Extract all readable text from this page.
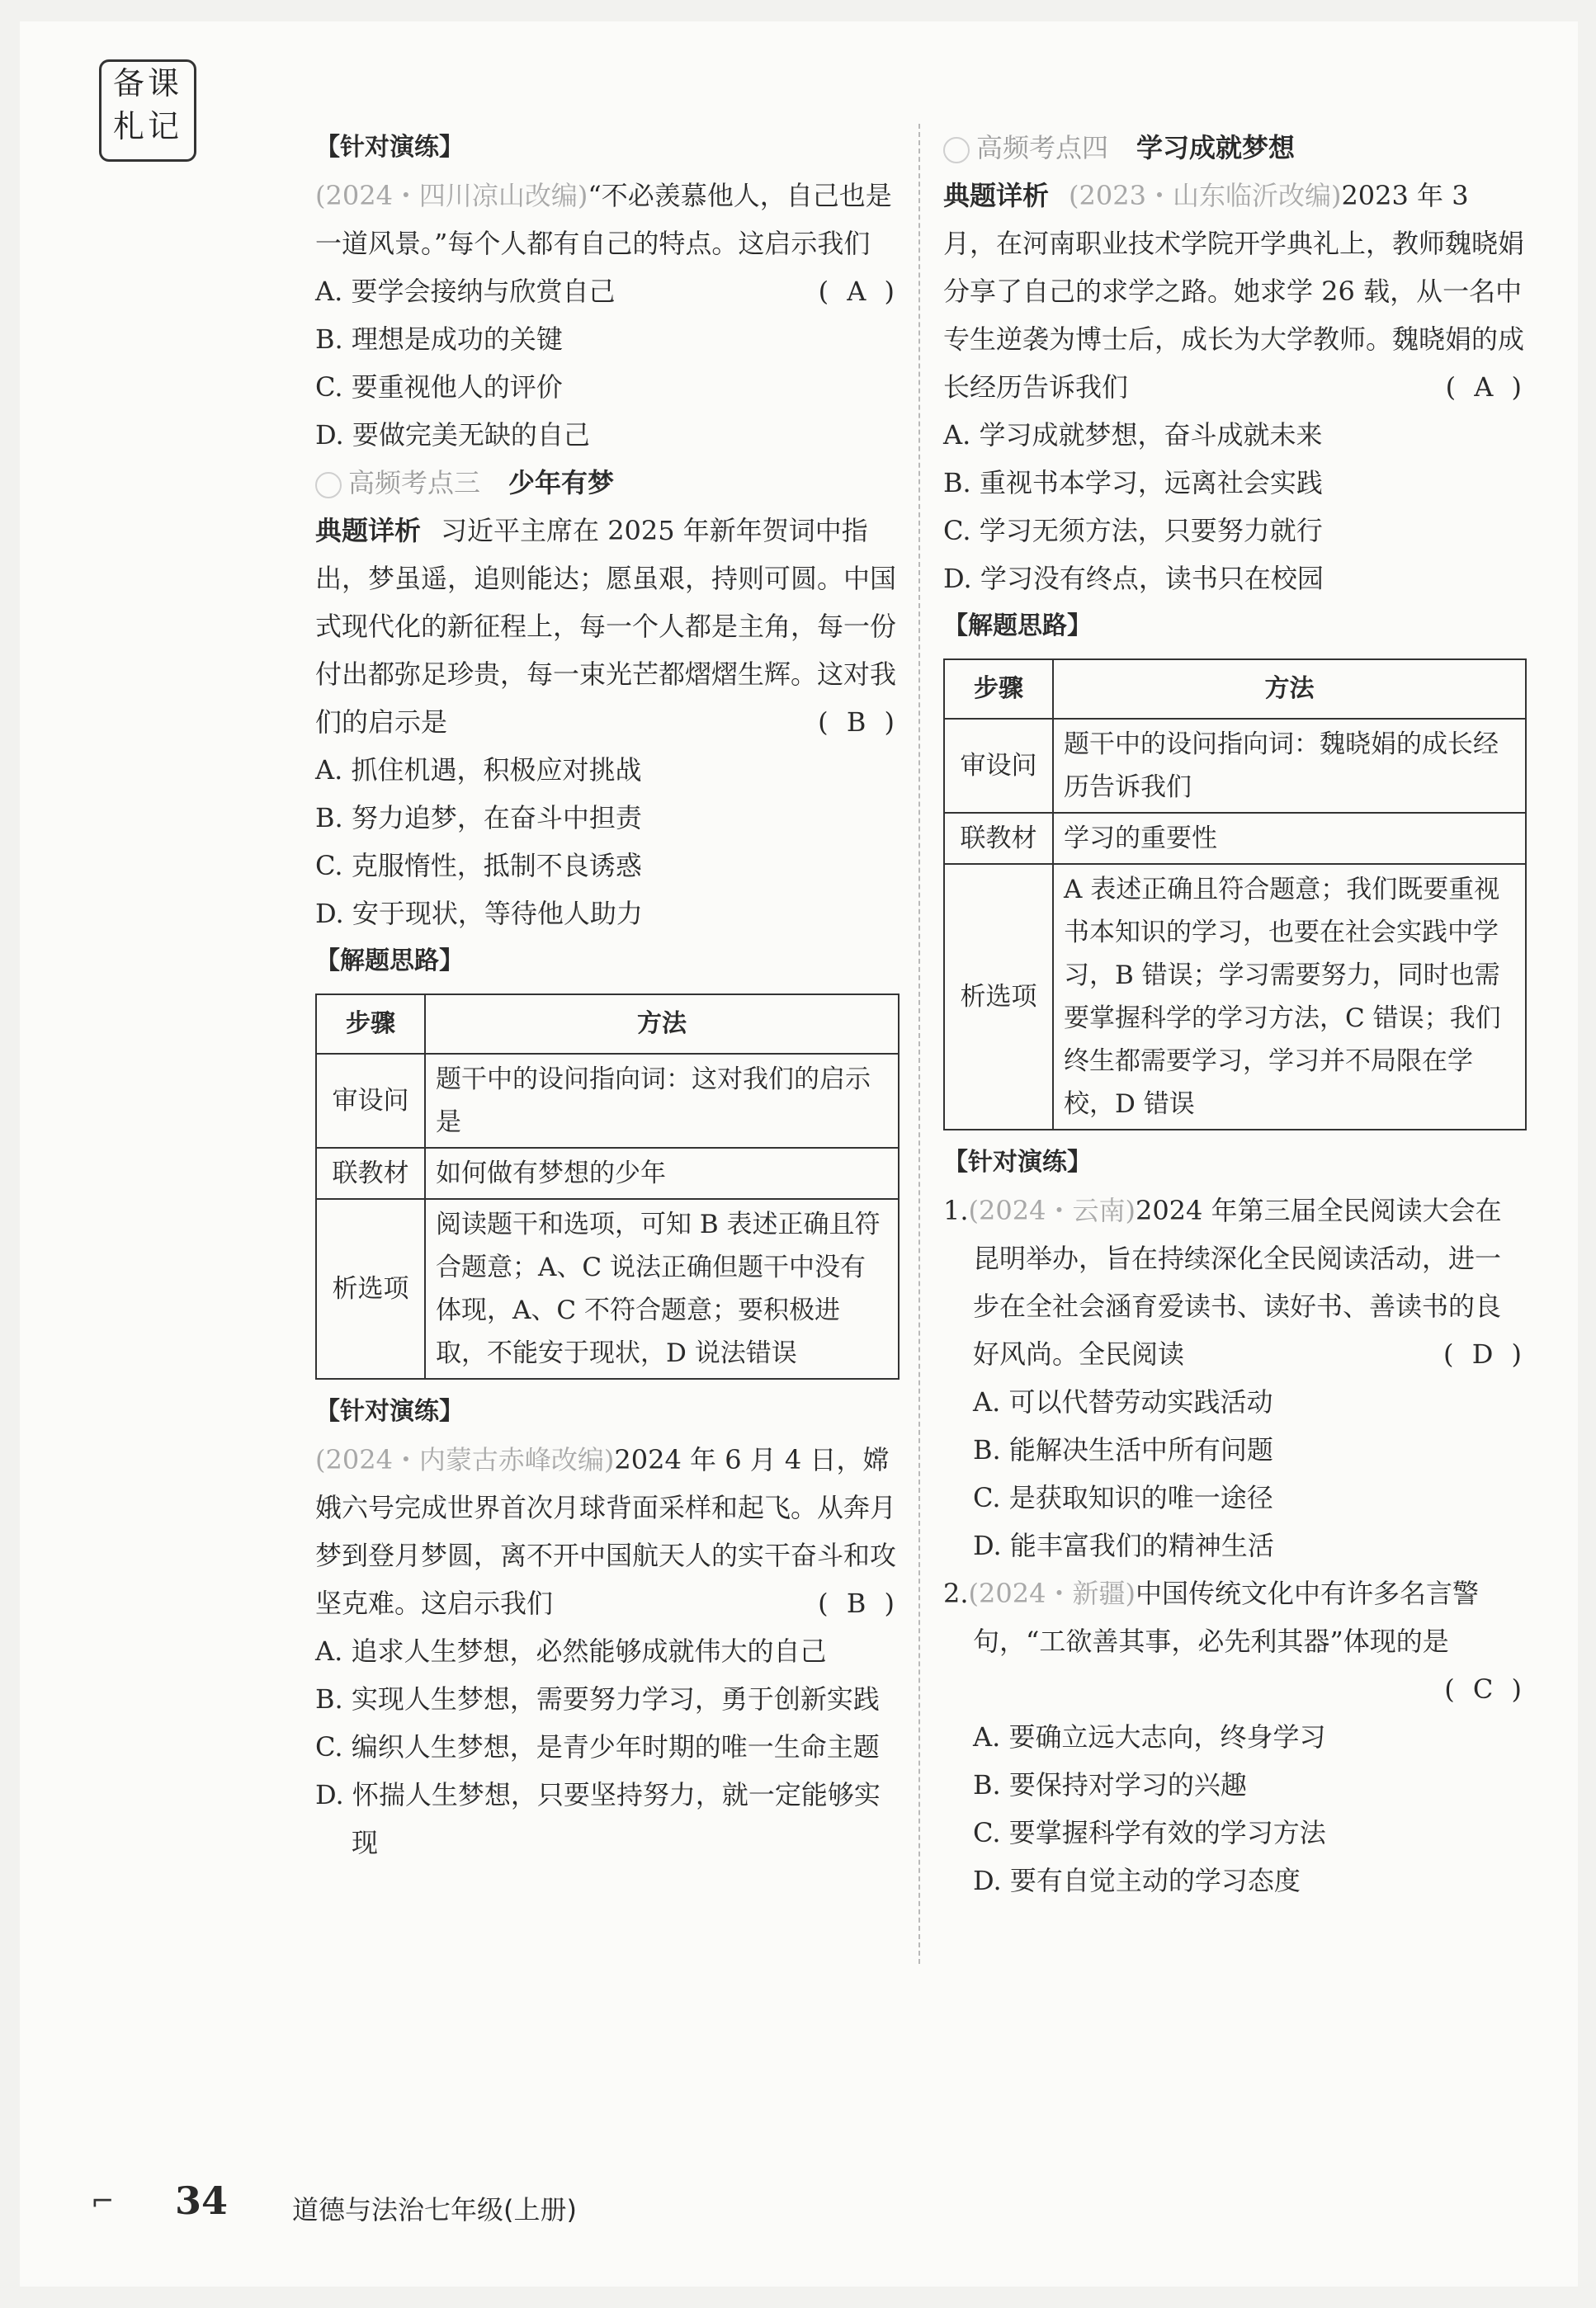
备课札记

【针对演练】

(2024・四川凉山改编)“不必羡慕他人，自己也是一道风景。”每个人都有自己的特点。这启示我们
( A )

A. 要学会接纳与欣赏自己

B. 理想是成功的关键

C. 要重视他人的评价

D. 要做完美无缺的自己

高频考点三 少年有梦

典题详析 习近平主席在 2025 年新年贺词中指出，梦虽遥，追则能达；愿虽艰，持则可圆。中国式现代化的新征程上，每一个人都是主角，每一份付出都弥足珍贵，每一束光芒都熠熠生辉。这对我们的启示是	( B )

A. 抓住机遇，积极应对挑战

B. 努力追梦，在奋斗中担责

C. 克服惰性，抵制不良诱惑

D. 安于现状，等待他人助力

【解题思路】

步骤	方法
审设问	题干中的设问指向词：这对我们的启示是
联教材	如何做有梦想的少年
析选项	阅读题干和选项，可知 B 表述正确且符合题意；A、C 说法正确但题干中没有体现，A、C 不符合题意；要积极进取，不能安于现状，D 说法错误

【针对演练】

(2024・内蒙古赤峰改编)2024 年 6 月 4 日，嫦娥六号完成世界首次月球背面采样和起飞。从奔月梦到登月梦圆，离不开中国航天人的实干奋斗和攻坚克难。这启示我们	( B )

A. 追求人生梦想，必然能够成就伟大的自己

B. 实现人生梦想，需要努力学习，勇于创新实践

C. 编织人生梦想，是青少年时期的唯一生命主题

D. 怀揣人生梦想，只要坚持努力，就一定能够实现

高频考点四 学习成就梦想

典题详析 (2023・山东临沂改编)2023 年 3 月，在河南职业技术学院开学典礼上，教师魏晓娟分享了自己的求学之路。她求学 26 载，从一名中专生逆袭为博士后，成长为大学教师。魏晓娟的成长经历告诉我们	( A )

A. 学习成就梦想，奋斗成就未来

B. 重视书本学习，远离社会实践

C. 学习无须方法，只要努力就行

D. 学习没有终点，读书只在校园

【解题思路】

步骤	方法
审设问	题干中的设问指向词：魏晓娟的成长经历告诉我们
联教材	学习的重要性
析选项	A 表述正确且符合题意；我们既要重视书本知识的学习，也要在社会实践中学习，B 错误；学习需要努力，同时也需要掌握科学的学习方法，C 错误；我们终生都需要学习，学习并不局限在学校，D 错误

【针对演练】

1.(2024・云南)2024 年第三届全民阅读大会在昆明举办，旨在持续深化全民阅读活动，进一步在全社会涵育爱读书、读好书、善读书的良好风尚。全民阅读	( D )

A. 可以代替劳动实践活动

B. 能解决生活中所有问题

C. 是获取知识的唯一途径

D. 能丰富我们的精神生活

2.(2024・新疆)中国传统文化中有许多名言警句，“工欲善其事，必先利其器”体现的是

( C )

A. 要确立远大志向，终身学习

B. 要保持对学习的兴趣

C. 要掌握科学有效的学习方法

D. 要有自觉主动的学习态度

⌐ 34 道德与法治七年级(上册)
